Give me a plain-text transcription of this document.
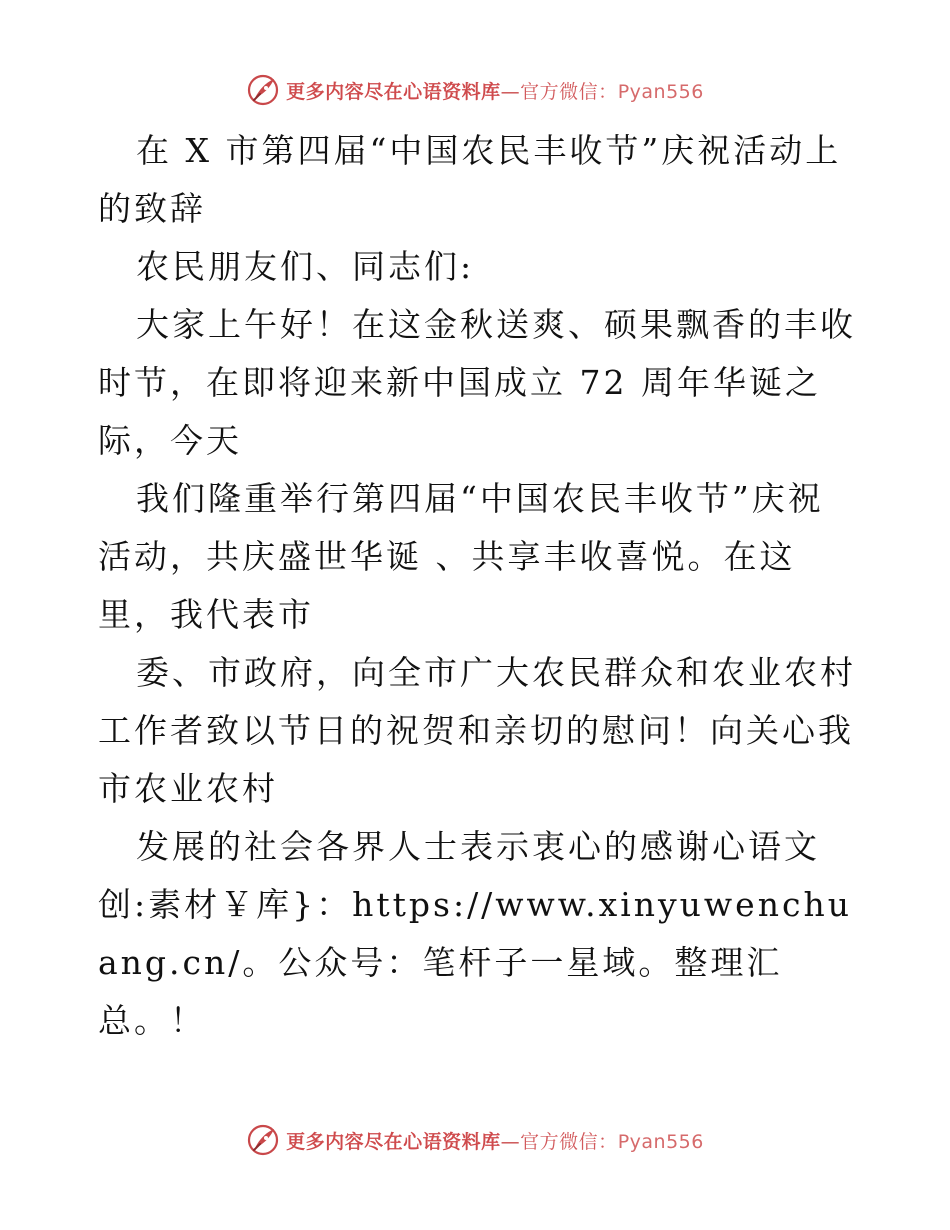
更多内容尽在心语资料库—官方微信：Pyan556

在 X 市第四届“中国农民丰收节”庆祝活动上的致辞

农民朋友们、同志们:

大家上午好！在这金秋送爽、硕果飘香的丰收时节，在即将迎来新中国成立 72 周年华诞之际，今天

我们隆重举行第四届“中国农民丰收节”庆祝活动，共庆盛世华诞 、共享丰收喜悦。在这里，我代表市

委、市政府，向全市广大农民群众和农业农村工作者致以节日的祝贺和亲切的慰问！向关心我市农业农村

发展的社会各界人士表示衷心的感谢心语文创:素材￥库}：https://www.xinyuwenchuang.cn/。公众号：笔杆子一星域。整理汇总。！

更多内容尽在心语资料库—官方微信：Pyan556
